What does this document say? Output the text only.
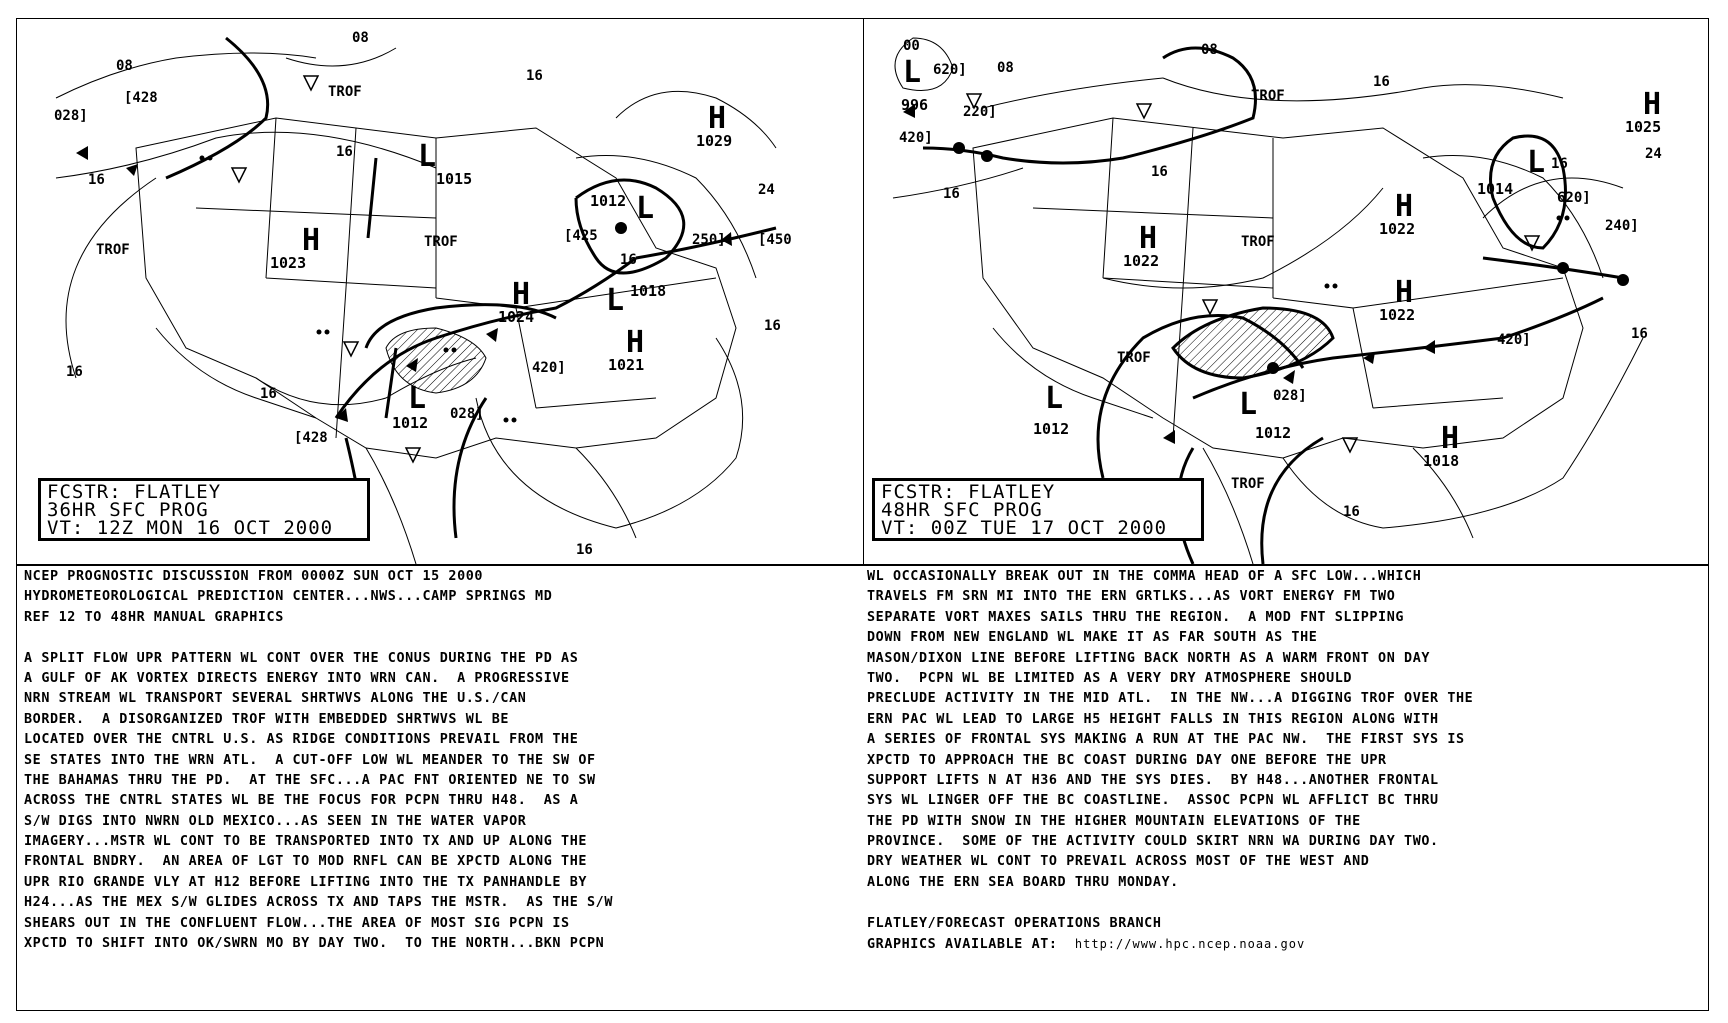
H
H
H
H
L
L
L
L
1029
1023
1024
1021
1015
1012
1018
1012
08
08
16
16
16
16
16
16
16
24
[428
028]
[428
[425	250] [450
420]
028]
TROF
TROF	TROF
16
FCSTR: FLATLEY
36HR SFC PROG
VT: 12Z MON 16 OCT 2000
L
H
H
H
H
L
L	L
H
996
1025
1022
1022
1022
1014
1012	1012
1018
00
620] 08
08
220]
420]
16
16
16
16
16
24
620]
240]
420]
028]
TROF
TROF
TROF
TROF
16
FCSTR: FLATLEY
48HR SFC PROG
VT: 00Z TUE 17 OCT 2000

NCEP PROGNOSTIC DISCUSSION FROM 0000Z SUN OCT 15 2000

HYDROMETEOROLOGICAL PREDICTION CENTER...NWS...CAMP SPRINGS MD

REF 12 TO 48HR MANUAL GRAPHICS

A SPLIT FLOW UPR PATTERN WL CONT OVER THE CONUS DURING THE PD AS

A GULF OF AK VORTEX DIRECTS ENERGY INTO WRN CAN.  A PROGRESSIVE

NRN STREAM WL TRANSPORT SEVERAL SHRTWVS ALONG THE U.S./CAN

BORDER.  A DISORGANIZED TROF WITH EMBEDDED SHRTWVS WL BE

LOCATED OVER THE CNTRL U.S. AS RIDGE CONDITIONS PREVAIL FROM THE

SE STATES INTO THE WRN ATL.  A CUT-OFF LOW WL MEANDER TO THE SW OF

THE BAHAMAS THRU THE PD.  AT THE SFC...A PAC FNT ORIENTED NE TO SW

ACROSS THE CNTRL STATES WL BE THE FOCUS FOR PCPN THRU H48.  AS A

S/W DIGS INTO NWRN OLD MEXICO...AS SEEN IN THE WATER VAPOR

IMAGERY...MSTR WL CONT TO BE TRANSPORTED INTO TX AND UP ALONG THE

FRONTAL BNDRY.  AN AREA OF LGT TO MOD RNFL CAN BE XPCTD ALONG THE

UPR RIO GRANDE VLY AT H12 BEFORE LIFTING INTO THE TX PANHANDLE BY

H24...AS THE MEX S/W GLIDES ACROSS TX AND TAPS THE MSTR.  AS THE S/W

SHEARS OUT IN THE CONFLUENT FLOW...THE AREA OF MOST SIG PCPN IS

XPCTD TO SHIFT INTO OK/SWRN MO BY DAY TWO.  TO THE NORTH...BKN PCPN

WL OCCASIONALLY BREAK OUT IN THE COMMA HEAD OF A SFC LOW...WHICH

TRAVELS FM SRN MI INTO THE ERN GRTLKS...AS VORT ENERGY FM TWO

SEPARATE VORT MAXES SAILS THRU THE REGION.  A MOD FNT SLIPPING

DOWN FROM NEW ENGLAND WL MAKE IT AS FAR SOUTH AS THE

MASON/DIXON LINE BEFORE LIFTING BACK NORTH AS A WARM FRONT ON DAY

TWO.  PCPN WL BE LIMITED AS A VERY DRY ATMOSPHERE SHOULD

PRECLUDE ACTIVITY IN THE MID ATL.  IN THE NW...A DIGGING TROF OVER THE

ERN PAC WL LEAD TO LARGE H5 HEIGHT FALLS IN THIS REGION ALONG WITH

A SERIES OF FRONTAL SYS MAKING A RUN AT THE PAC NW.  THE FIRST SYS IS

XPCTD TO APPROACH THE BC COAST DURING DAY ONE BEFORE THE UPR

SUPPORT LIFTS N AT H36 AND THE SYS DIES.  BY H48...ANOTHER FRONTAL

SYS WL LINGER OFF THE BC COASTLINE.  ASSOC PCPN WL AFFLICT BC THRU

THE PD WITH SNOW IN THE HIGHER MOUNTAIN ELEVATIONS OF THE

PROVINCE.  SOME OF THE ACTIVITY COULD SKIRT NRN WA DURING DAY TWO.

DRY WEATHER WL CONT TO PREVAIL ACROSS MOST OF THE WEST AND

ALONG THE ERN SEA BOARD THRU MONDAY.

FLATLEY/FORECAST OPERATIONS BRANCH

GRAPHICS AVAILABLE AT: http://www.hpc.ncep.noaa.gov
